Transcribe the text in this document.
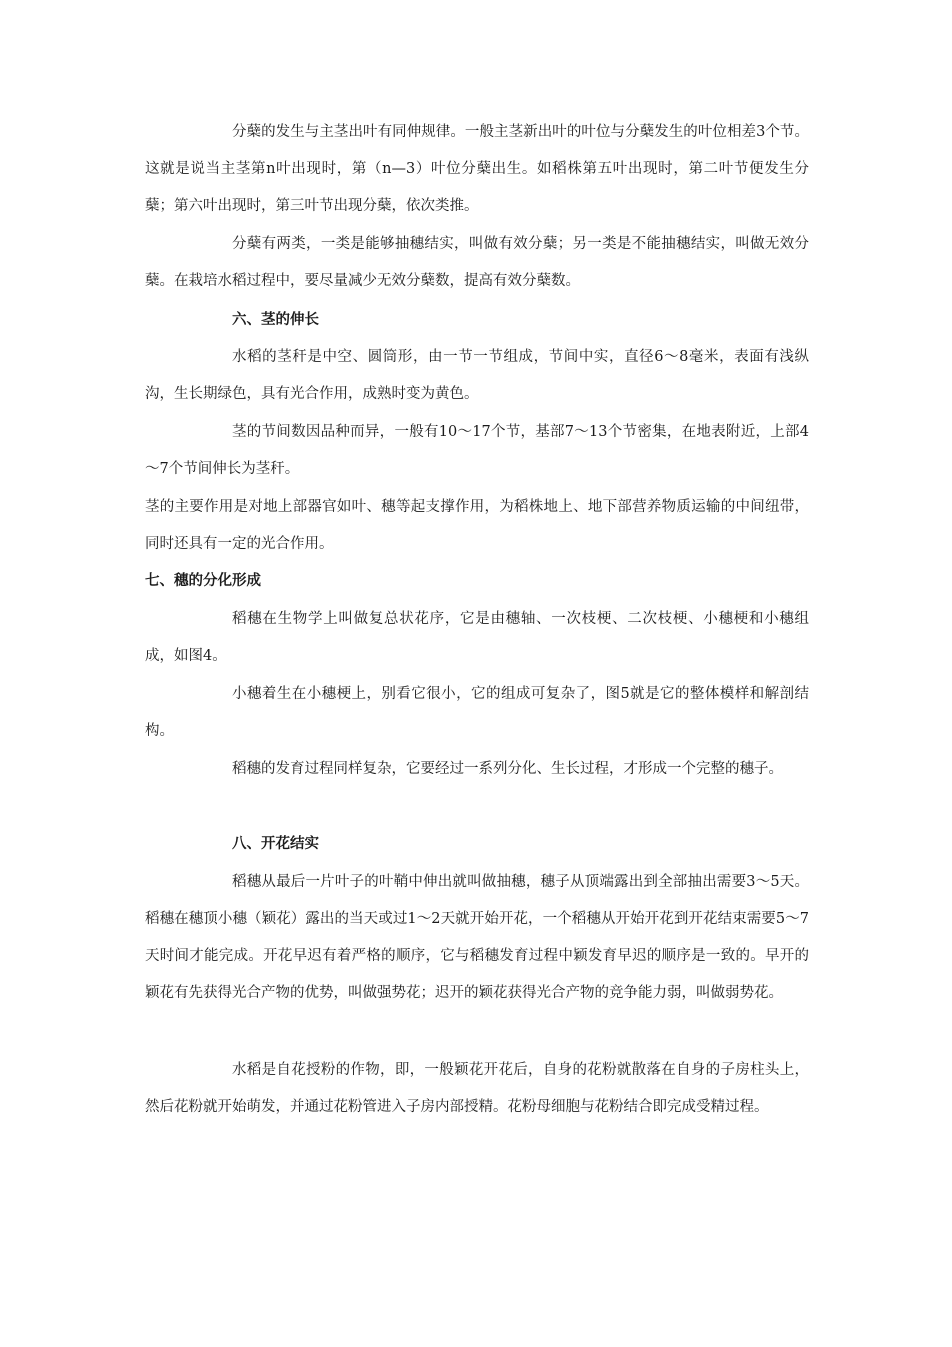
分蘖的发生与主茎出叶有同伸规律。一般主茎新出叶的叶位与分蘖发生的叶位相差3个节。这就是说当主茎第n叶出现时，第（n—3）叶位分蘖出生。如稻株第五叶出现时，第二叶节便发生分蘖；第六叶出现时，第三叶节出现分蘖，依次类推。

分蘖有两类，一类是能够抽穗结实，叫做有效分蘖；另一类是不能抽穗结实，叫做无效分蘖。在栽培水稻过程中，要尽量减少无效分蘖数，提高有效分蘖数。

六、茎的伸长

水稻的茎秆是中空、圆筒形，由一节一节组成，节间中实，直径6～8毫米，表面有浅纵沟，生长期绿色，具有光合作用，成熟时变为黄色。

茎的节间数因品种而异，一般有10～17个节，基部7～13个节密集，在地表附近，上部4～7个节间伸长为茎秆。

茎的主要作用是对地上部器官如叶、穗等起支撑作用，为稻株地上、地下部营养物质运输的中间纽带，同时还具有一定的光合作用。

七、穗的分化形成

稻穗在生物学上叫做复总状花序，它是由穗轴、一次枝梗、二次枝梗、小穗梗和小穗组成，如图4。

小穗着生在小穗梗上，别看它很小，它的组成可复杂了，图5就是它的整体模样和解剖结构。

稻穗的发育过程同样复杂，它要经过一系列分化、生长过程，才形成一个完整的穗子。

八、开花结实

稻穗从最后一片叶子的叶鞘中伸出就叫做抽穗，穗子从顶端露出到全部抽出需要3～5天。稻穗在穗顶小穗（颖花）露出的当天或过1～2天就开始开花，一个稻穗从开始开花到开花结束需要5～7天时间才能完成。开花早迟有着严格的顺序，它与稻穗发育过程中颖发育早迟的顺序是一致的。早开的颖花有先获得光合产物的优势，叫做强势花；迟开的颖花获得光合产物的竞争能力弱，叫做弱势花。

水稻是自花授粉的作物，即，一般颖花开花后，自身的花粉就散落在自身的子房柱头上，然后花粉就开始萌发，并通过花粉管进入子房内部授精。花粉母细胞与花粉结合即完成受精过程。
